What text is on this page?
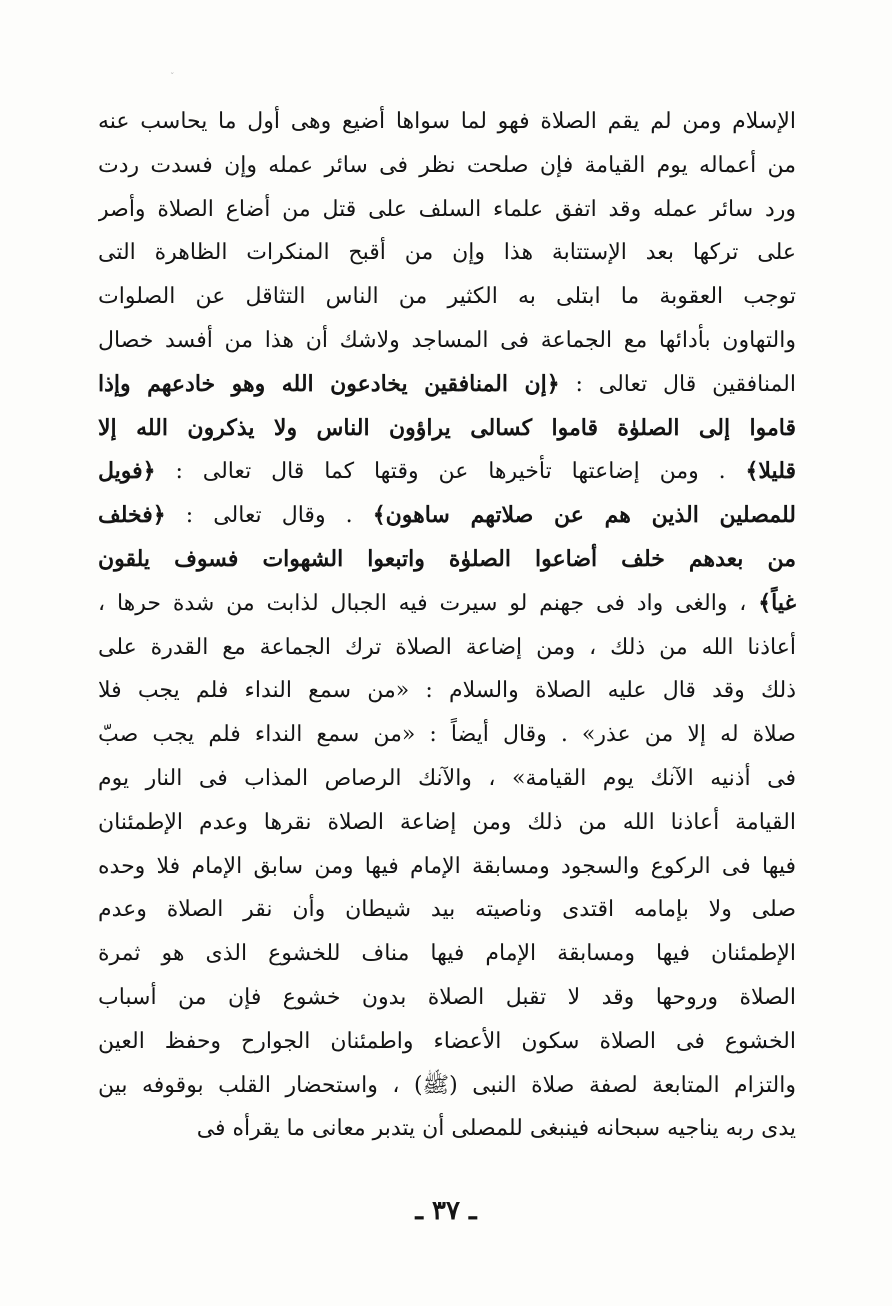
ˇ
الإسلام ومن لم يقم الصلاة فهو لما سواها أضيع وهى أول ما يحاسب عنه
من أعماله يوم القيامة فإن صلحت نظر فى سائر عمله وإن فسدت ردت
ورد سائر عمله وقد اتفق علماء السلف على قتل من أضاع الصلاة وأصر
على تركها بعد الإستتابة هذا وإن من أقبح المنكرات الظاهرة التى
توجب العقوبة ما ابتلى به الكثير من الناس التثاقل عن الصلوات
والتهاون بأدائها مع الجماعة فى المساجد ولاشك أن هذا من أفسد خصال
المنافقين قال تعالى : ﴿إن المنافقين يخادعون الله وهو خادعهم وإذا
قاموا إلى الصلوٰة قاموا كسالى يراؤون الناس ولا يذكرون الله إلا
قليلا﴾ . ومن إضاعتها تأخيرها عن وقتها كما قال تعالى : ﴿فويل
للمصلين الذين هم عن صلاتهم ساهون﴾ . وقال تعالى : ﴿فخلف
من بعدهم خلف أضاعوا الصلوٰة واتبعوا الشهوات فسوف يلقون
غياً﴾ ، والغى واد فى جهنم لو سيرت فيه الجبال لذابت من شدة حرها ،
أعاذنا الله من ذلك ، ومن إضاعة الصلاة ترك الجماعة مع القدرة على
ذلك وقد قال عليه الصلاة والسلام : «من سمع النداء فلم يجب فلا
صلاة له إلا من عذر» . وقال أيضاً : «من سمع النداء فلم يجب صبّ
فى أذنيه الآنك يوم القيامة» ، والآنك الرصاص المذاب فى النار يوم
القيامة أعاذنا الله من ذلك ومن إضاعة الصلاة نقرها وعدم الإطمئنان
فيها فى الركوع والسجود ومسابقة الإمام فيها ومن سابق الإمام فلا وحده
صلى ولا بإمامه اقتدى وناصيته بيد شيطان وأن نقر الصلاة وعدم
الإطمئنان فيها ومسابقة الإمام فيها مناف للخشوع الذى هو ثمرة
الصلاة وروحها وقد لا تقبل الصلاة بدون خشوع فإن من أسباب
الخشوع فى الصلاة سكون الأعضاء واطمئنان الجوارح وحفظ العين
والتزام المتابعة لصفة صلاة النبى (ﷺ) ، واستحضار القلب بوقوفه بين
يدى ربه يناجيه سبحانه فينبغى للمصلى أن يتدبر معانى ما يقرأه فى
ـ ٣٧ ـ
